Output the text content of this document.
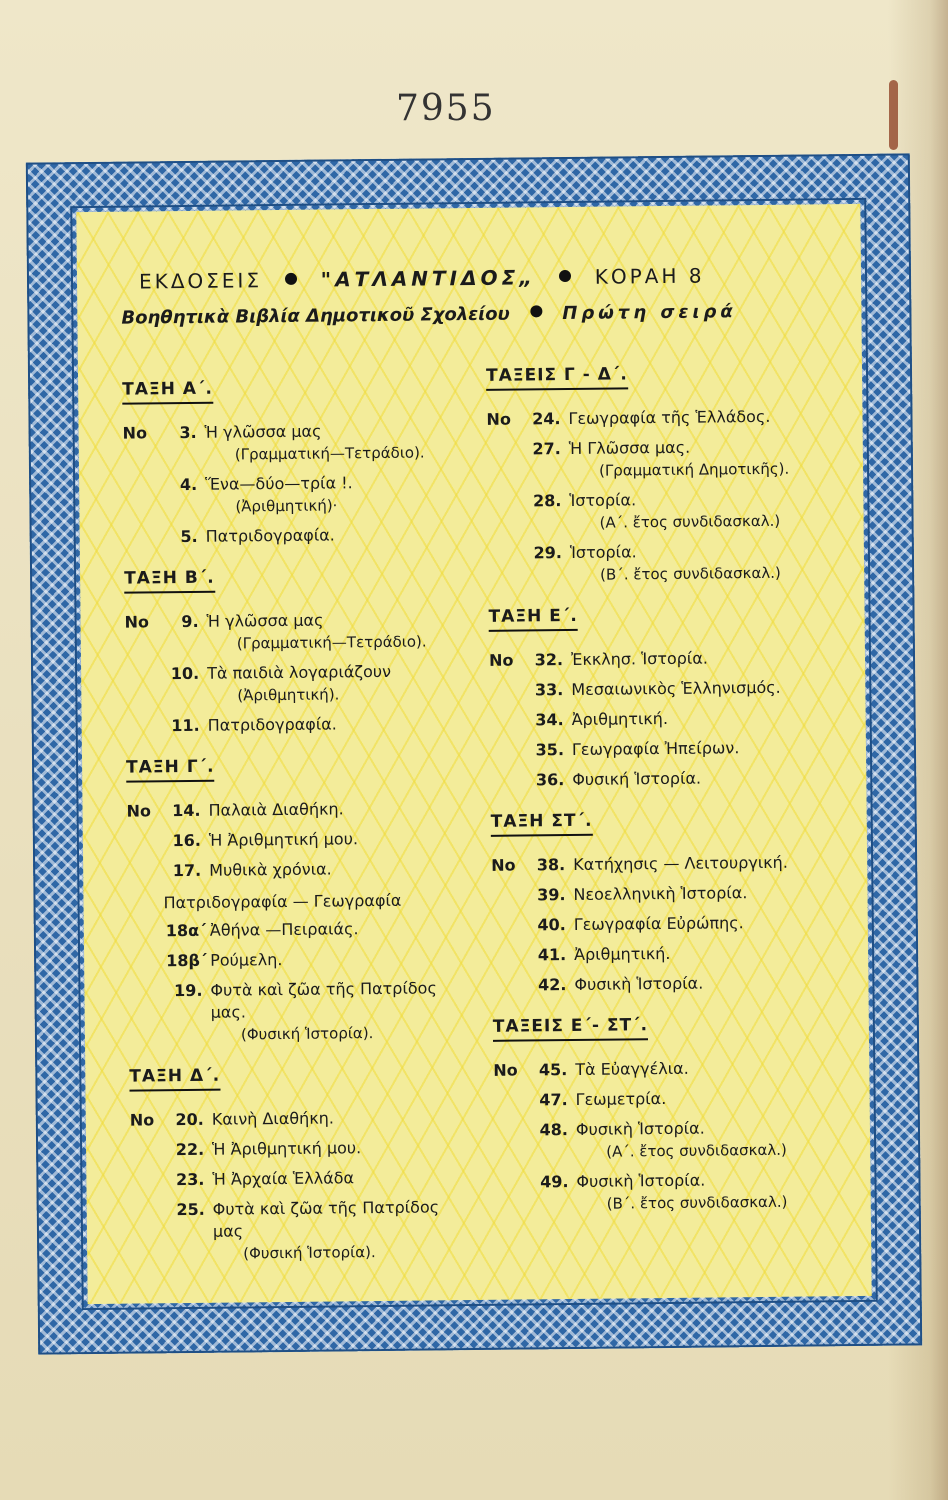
7955
ΕΚΔΟΣΕΙΣ	"ΑΤΛΑΝΤΙΔΟΣ„	ΚΟΡΑΗ 8
Βοηθητικὰ Βιβλία Δημοτικοῦ Σχολείου	Πρώτη σειρά
ΤΑΞΗ Α΄.
Νο	3. Ἡ γλῶσσα μας
(Γραμματική—Τετράδιο).
4. Ἕνα—δύο—τρία !.
(Ἀριθμητική)·
5. Πατριδογραφία.
ΤΑΞΗ Β΄.
Νο	9. Ἡ γλῶσσα μας
(Γραμματική—Τετράδιο).
10. Τὰ παιδιὰ λογαριάζουν
(Ἀριθμητική).
11. Πατριδογραφία.
ΤΑΞΗ Γ΄.
Νο	14. Παλαιὰ Διαθήκη.
16. Ἡ Ἀριθμητική μου.
17. Μυθικὰ χρόνια.
Πατριδογραφία — Γεωγραφία
18α΄ Ἀθήνα —Πειραιάς.
18β΄ Ρούμελη.
19. Φυτὰ καὶ ζῶα τῆς Πατρίδος μας.
(Φυσική Ἱστορία).
ΤΑΞΗ Δ΄.
Νο	20. Καινὴ Διαθήκη.
22. Ἡ Ἀριθμητική μου.
23. Ἡ Ἀρχαία Ἑλλάδα
25. Φυτὰ καὶ ζῶα τῆς Πατρίδος μας
(Φυσική Ἱστορία).
ΤΑΞΕΙΣ Γ - Δ΄.
Νο	24. Γεωγραφία τῆς Ἑλλάδος.
27. Ἡ Γλῶσσα μας.
(Γραμματική Δημοτικῆς).
28. Ἱστορία.
(Α΄. ἔτος συνδιδασκαλ.)
29. Ἱστορία.
(Β΄. ἔτος συνδιδασκαλ.)
ΤΑΞΗ Ε΄.
Νο	32. Ἐκκλησ. Ἱστορία.
33. Μεσαιωνικὸς Ἑλληνισμός.
34. Ἀριθμητική.
35. Γεωγραφία Ἠπείρων.
36. Φυσική Ἱστορία.
ΤΑΞΗ ΣΤ΄.
Νο	38. Κατήχησις — Λειτουργική.
39. Νεοελληνικὴ Ἱστορία.
40. Γεωγραφία Εὐρώπης.
41. Ἀριθμητική.
42. Φυσικὴ Ἱστορία.
ΤΑΞΕΙΣ Ε΄- ΣΤ΄.
Νο	45. Τὰ Εὐαγγέλια.
47. Γεωμετρία.
48. Φυσικὴ Ἱστορία.
(Α΄. ἔτος συνδιδασκαλ.)
49. Φυσικὴ Ἱστορία.
(Β΄. ἔτος συνδιδασκαλ.)
